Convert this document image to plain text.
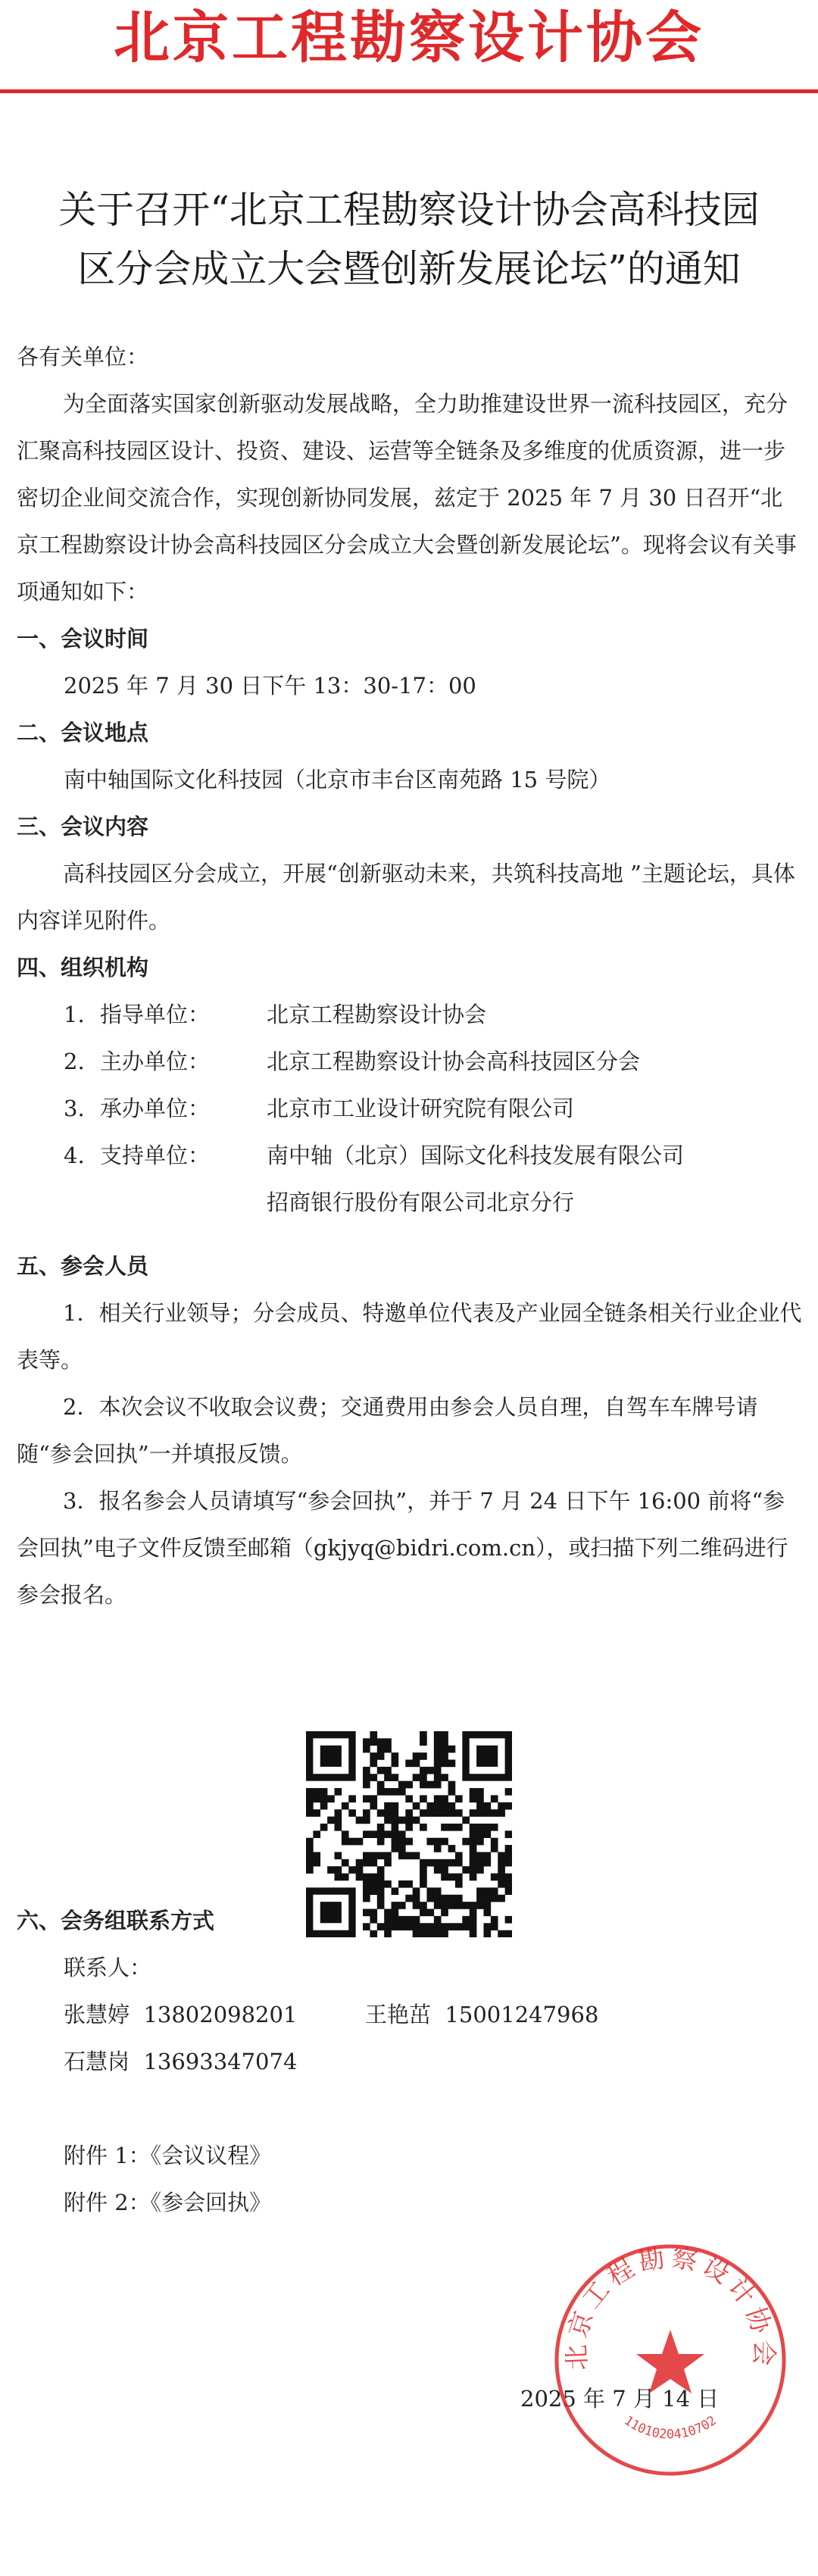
北京工程勘察设计协会
关于召开“北京工程勘察设计协会高科技园
区分会成立大会暨创新发展论坛”的通知

各有关单位：

为全面落实国家创新驱动发展战略，全力助推建设世界一流科技园区，充分汇聚高科技园区设计、投资、建设、运营等全链条及多维度的优质资源，进一步密切企业间交流合作，实现创新协同发展，兹定于 2025 年 7 月 30 日召开“北京工程勘察设计协会高科技园区分会成立大会暨创新发展论坛”。现将会议有关事项通知如下：

一、会议时间

2025 年 7 月 30 日下午 13：30-17：00

二、会议地点

南中轴国际文化科技园（北京市丰台区南苑路 15 号院）

三、会议内容

高科技园区分会成立，开展“创新驱动未来，共筑科技高地 ”主题论坛，具体内容详见附件。

四、组织机构
1. 指导单位：	北京工程勘察设计协会
2. 主办单位：	北京工程勘察设计协会高科技园区分会
3. 承办单位：	北京市工业设计研究院有限公司
4. 支持单位：	南中轴（北京）国际文化科技发展有限公司
招商银行股份有限公司北京分行
五、参会人员

1．相关行业领导；分会成员、特邀单位代表及产业园全链条相关行业企业代表等。

2．本次会议不收取会议费；交通费用由参会人员自理，自驾车车牌号请随“参会回执”一并填报反馈。

3．报名参会人员请填写“参会回执”，并于 7 月 24 日下午 16:00 前将“参会回执”电子文件反馈至邮箱（gkjyq@bidri.com.cn），或扫描下列二维码进行参会报名。

六、会务组联系方式

联系人：

张慧婷 13802098201	王艳茁 15001247968
石慧岗 13693347074

附件 1：《会议议程》

附件 2：《参会回执》

2025 年 7 月 14 日
北京工程勘察设计协会
1101020410702
